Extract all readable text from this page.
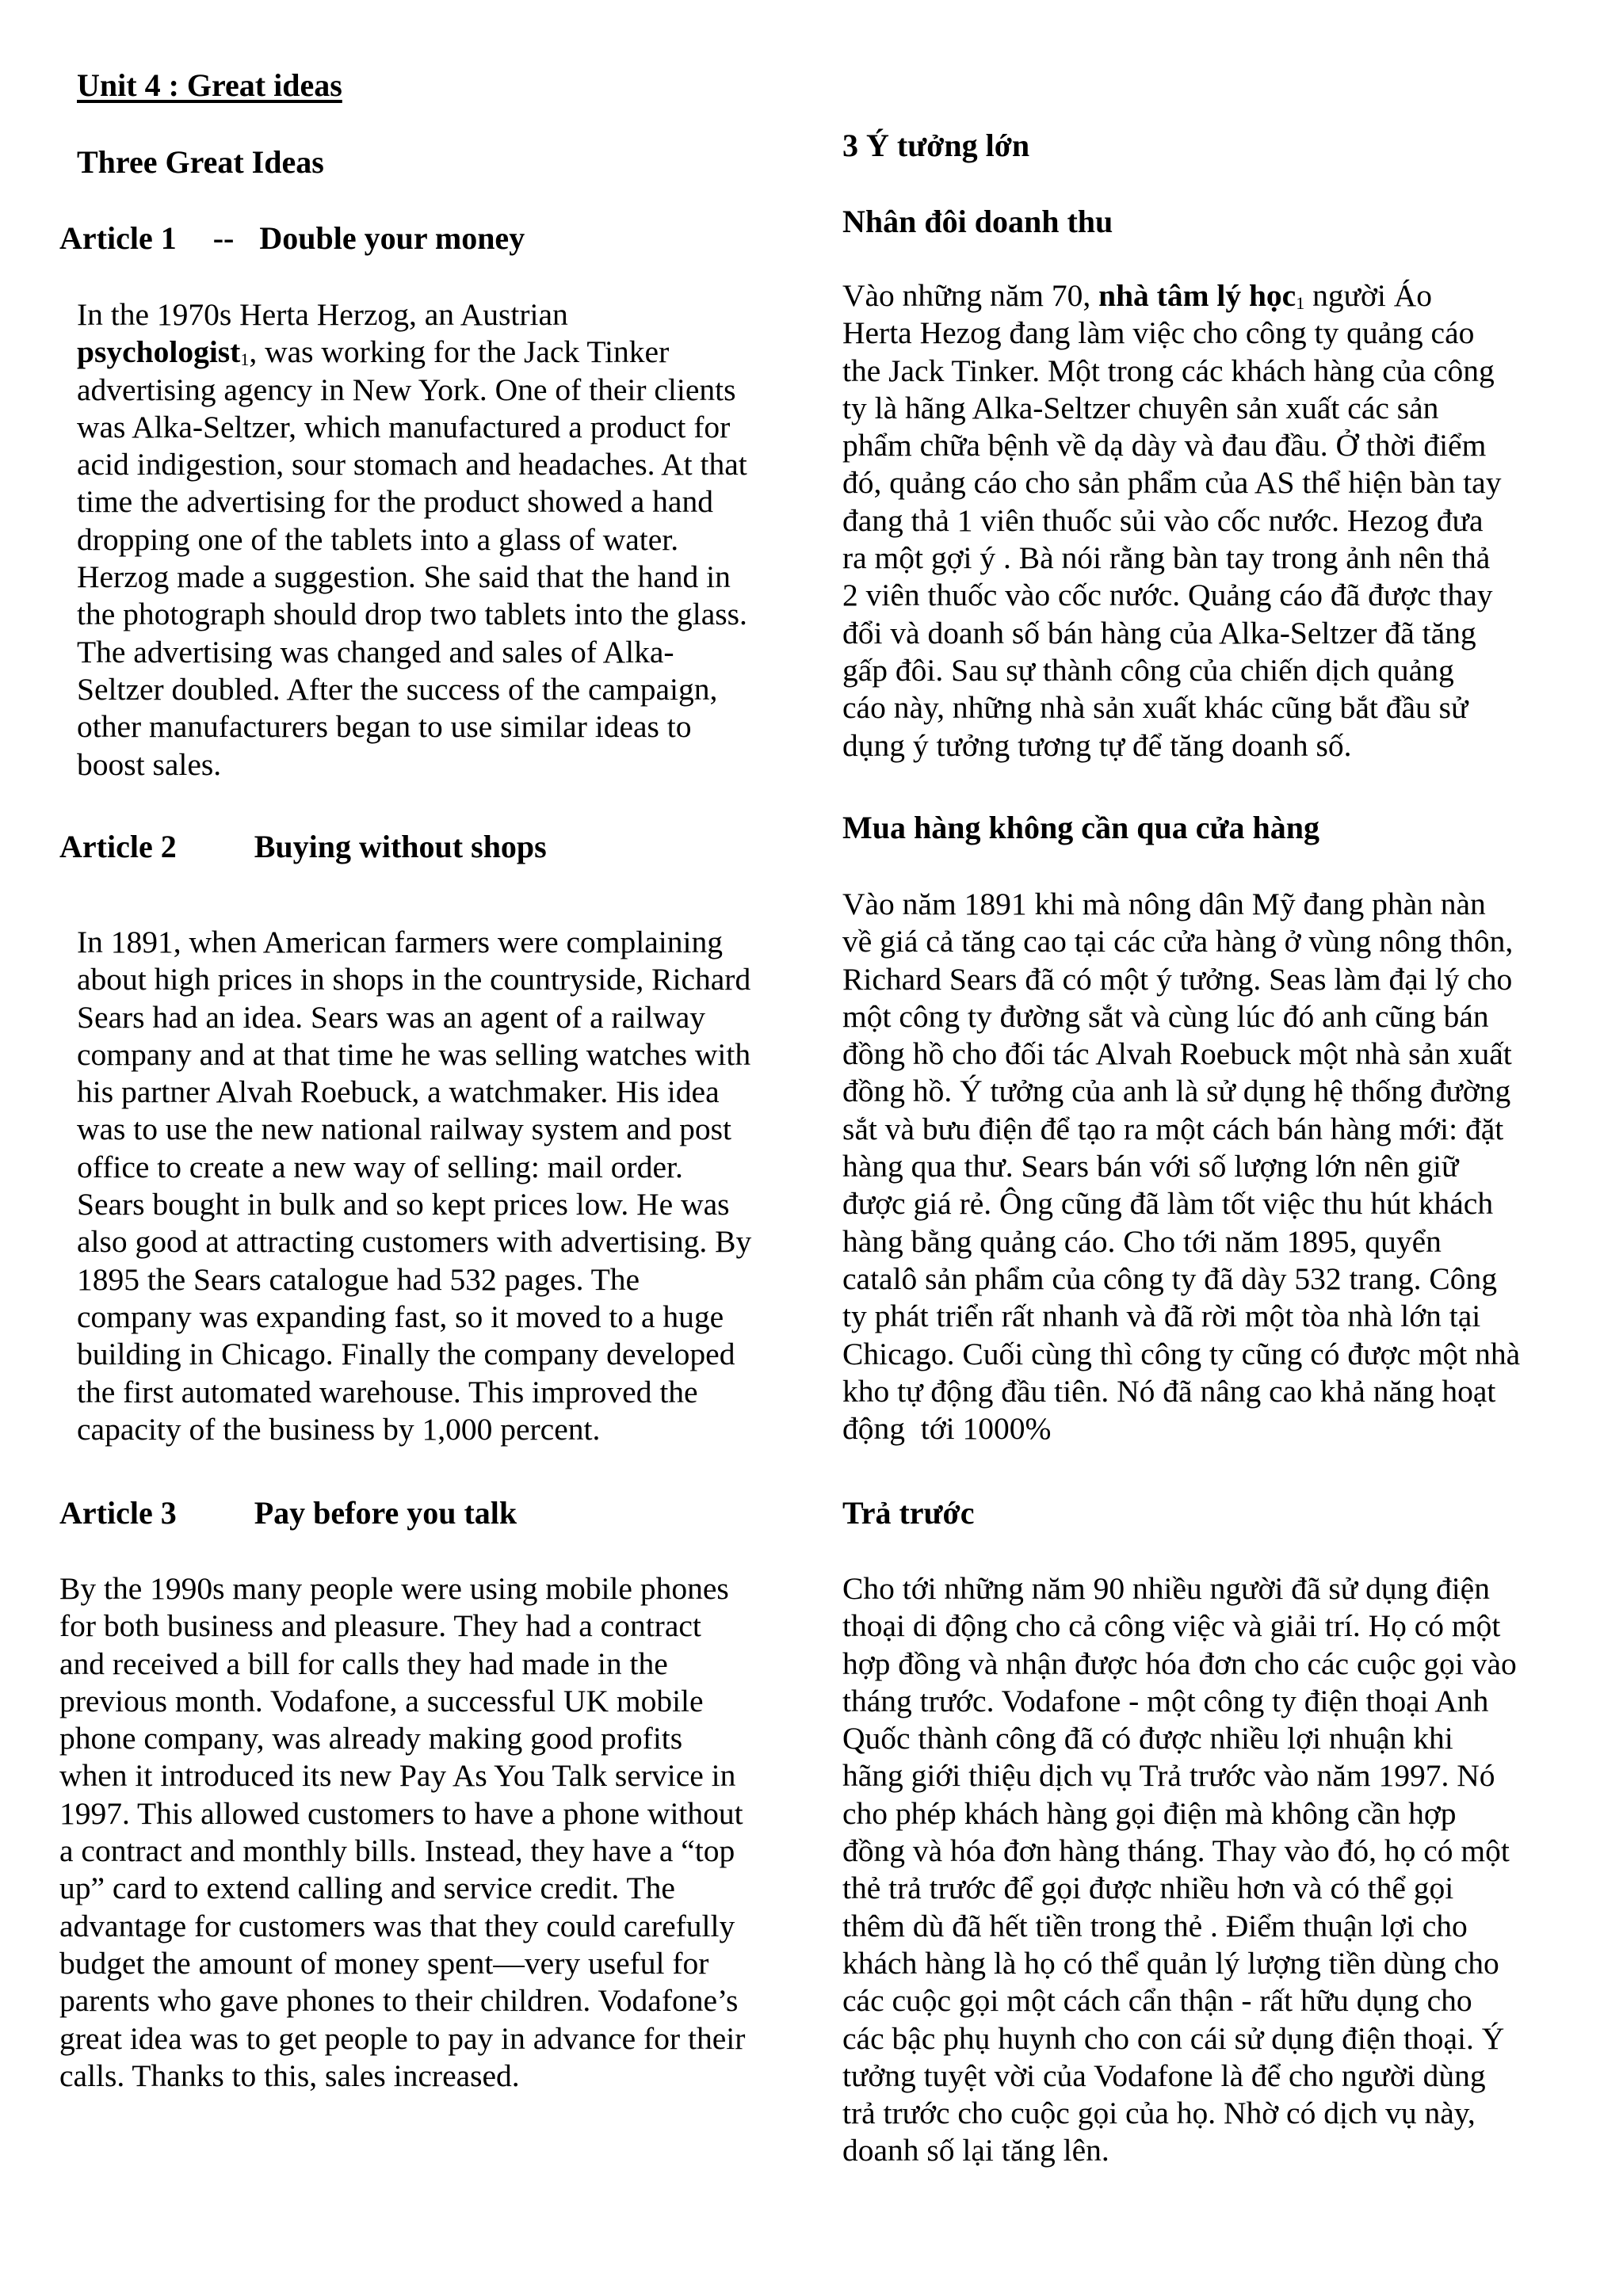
Unit 4 : Great ideas
Three Great Ideas
Article 1 -- Double your money

In the 1970s Herta Herzog, an Austrian
psychologist$_1$, was working for the Jack Tinker
advertising agency in New York. One of their clients
was Alka-Seltzer, which manufactured a product for
acid indigestion, sour stomach and headaches. At that
time the advertising for the product showed a hand
dropping one of the tablets into a glass of water.
Herzog made a suggestion. She said that the hand in
the photograph should drop two tablets into the glass.
The advertising was changed and sales of Alka-
Seltzer doubled. After the success of the campaign,
other manufacturers began to use similar ideas to
boost sales.

Article 2 Buying without shops

In 1891, when American farmers were complaining
about high prices in shops in the countryside, Richard
Sears had an idea. Sears was an agent of a railway
company and at that time he was selling watches with
his partner Alvah Roebuck, a watchmaker. His idea
was to use the new national railway system and post
office to create a new way of selling: mail order.
Sears bought in bulk and so kept prices low. He was
also good at attracting customers with advertising. By
1895 the Sears catalogue had 532 pages. The
company was expanding fast, so it moved to a huge
building in Chicago. Finally the company developed
the first automated warehouse. This improved the
capacity of the business by 1,000 percent.

Article 3 Pay before you talk

By the 1990s many people were using mobile phones
for both business and pleasure. They had a contract
and received a bill for calls they had made in the
previous month. Vodafone, a successful UK mobile
phone company, was already making good profits
when it introduced its new Pay As You Talk service in
1997. This allowed customers to have a phone without
a contract and monthly bills. Instead, they have a “top
up” card to extend calling and service credit. The
advantage for customers was that they could carefully
budget the amount of money spent—very useful for
parents who gave phones to their children. Vodafone’s
great idea was to get people to pay in advance for their
calls. Thanks to this, sales increased.

3 Ý tưởng lớn
Nhân đôi doanh thu

Vào những năm 70, nhà tâm lý học$_1$ người Áo
Herta Hezog đang làm việc cho công ty quảng cáo
the Jack Tinker. Một trong các khách hàng của công
ty là hãng Alka-Seltzer chuyên sản xuất các sản
phẩm chữa bệnh về dạ dày và đau đầu. Ở thời điểm
đó, quảng cáo cho sản phẩm của AS thể hiện bàn tay
đang thả 1 viên thuốc sủi vào cốc nước. Hezog đưa
ra một gợi ý . Bà nói rằng bàn tay trong ảnh nên thả
2 viên thuốc vào cốc nước. Quảng cáo đã được thay
đổi và doanh số bán hàng của Alka-Seltzer đã tăng
gấp đôi. Sau sự thành công của chiến dịch quảng
cáo này, những nhà sản xuất khác cũng bắt đầu sử
dụng ý tưởng tương tự để tăng doanh số.

Mua hàng không cần qua cửa hàng

Vào năm 1891 khi mà nông dân Mỹ đang phàn nàn
về giá cả tăng cao tại các cửa hàng ở vùng nông thôn,
Richard Sears đã có một ý tưởng. Seas làm đại lý cho
một công ty đường sắt và cùng lúc đó anh cũng bán
đồng hồ cho đối tác Alvah Roebuck một nhà sản xuất
đồng hồ. Ý tưởng của anh là sử dụng hệ thống đường
sắt và bưu điện để tạo ra một cách bán hàng mới: đặt
hàng qua thư. Sears bán với số lượng lớn nên giữ
được giá rẻ. Ông cũng đã làm tốt việc thu hút khách
hàng bằng quảng cáo. Cho tới năm 1895, quyển
catalô sản phẩm của công ty đã dày 532 trang. Công
ty phát triển rất nhanh và đã rời một tòa nhà lớn tại
Chicago. Cuối cùng thì công ty cũng có được một nhà
kho tự động đầu tiên. Nó đã nâng cao khả năng hoạt
động  tới 1000%

Trả trước

Cho tới những năm 90 nhiều người đã sử dụng điện
thoại di động cho cả công việc và giải trí. Họ có một
hợp đồng và nhận được hóa đơn cho các cuộc gọi vào
tháng trước. Vodafone - một công ty điện thoại Anh
Quốc thành công đã có được nhiều lợi nhuận khi
hãng giới thiệu dịch vụ Trả trước vào năm 1997. Nó
cho phép khách hàng gọi điện mà không cần hợp
đồng và hóa đơn hàng tháng. Thay vào đó, họ có một
thẻ trả trước để gọi được nhiều hơn và có thể gọi
thêm dù đã hết tiền trong thẻ . Điểm thuận lợi cho
khách hàng là họ có thể quản lý lượng tiền dùng cho
các cuộc gọi một cách cẩn thận - rất hữu dụng cho
các bậc phụ huynh cho con cái sử dụng điện thoại. Ý
tưởng tuyệt vời của Vodafone là để cho người dùng
trả trước cho cuộc gọi của họ. Nhờ có dịch vụ này,
doanh số lại tăng lên.
